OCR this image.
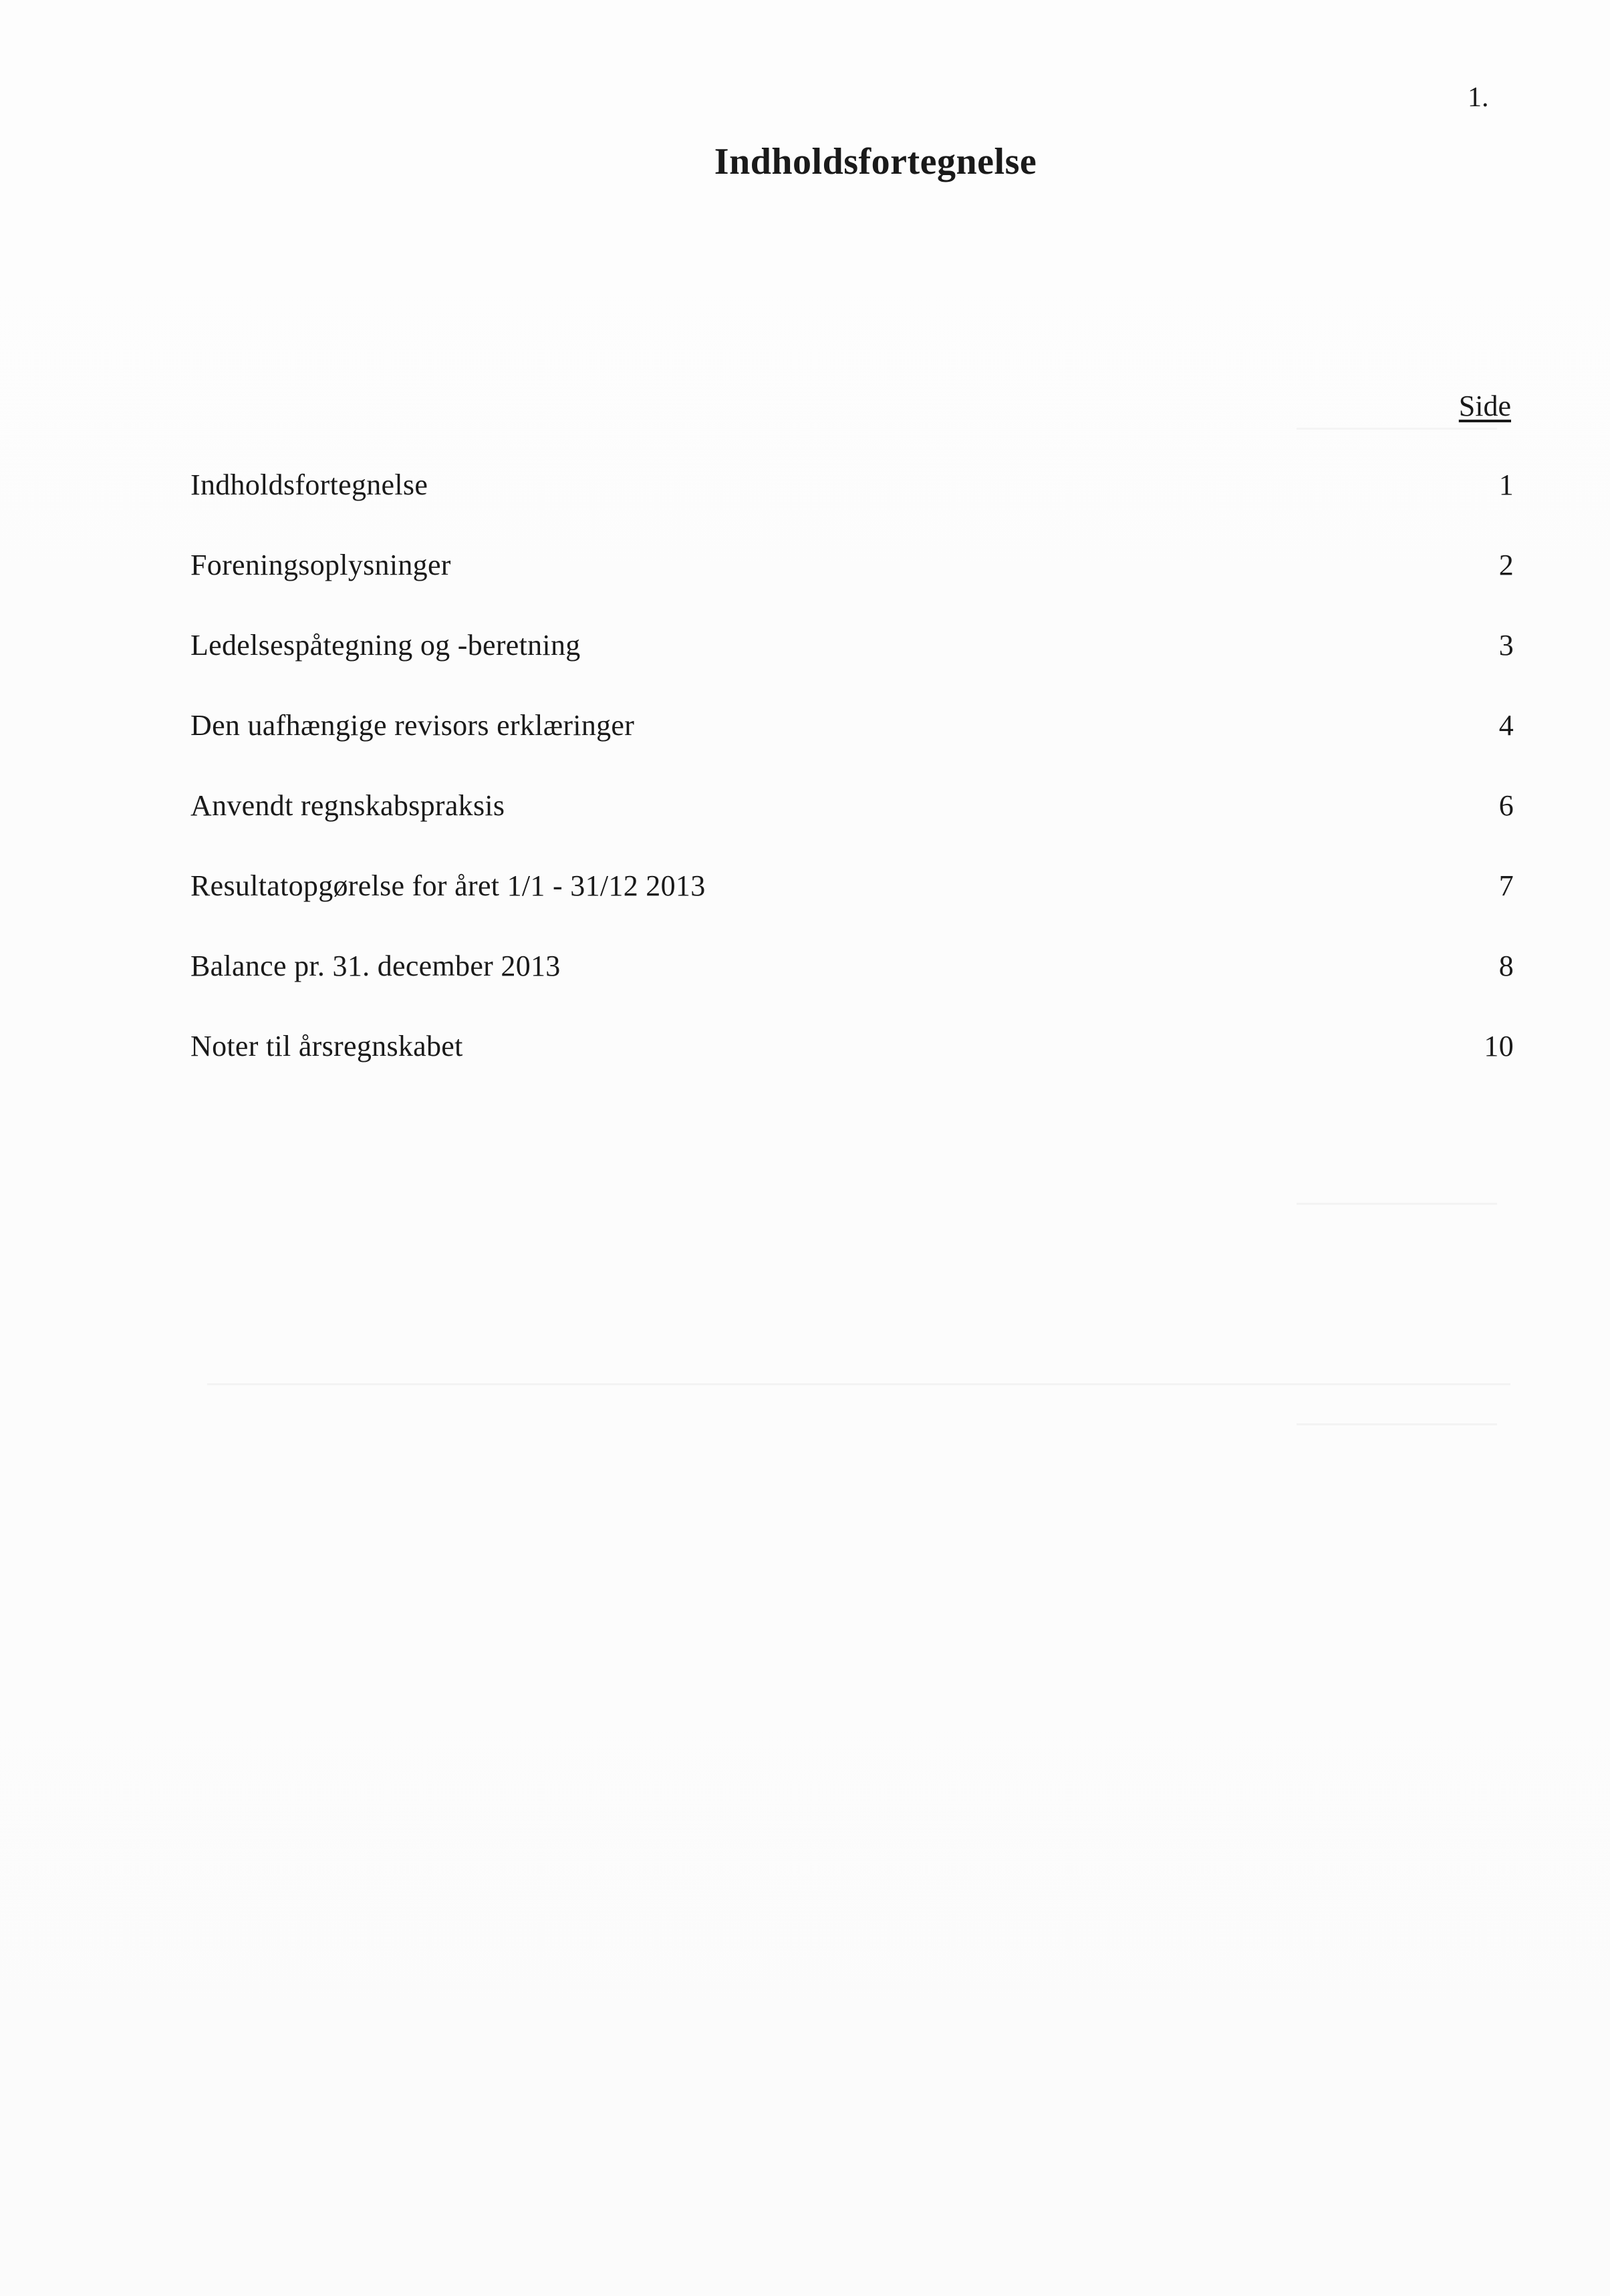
1.
Indholdsfortegnelse
Side
Indholdsfortegnelse	1
Foreningsoplysninger	2
Ledelsespåtegning og -beretning	3
Den uafhængige revisors erklæringer	4
Anvendt regnskabspraksis	6
Resultatopgørelse for året 1/1 - 31/12 2013	7
Balance pr. 31. december 2013	8
Noter til årsregnskabet	10
